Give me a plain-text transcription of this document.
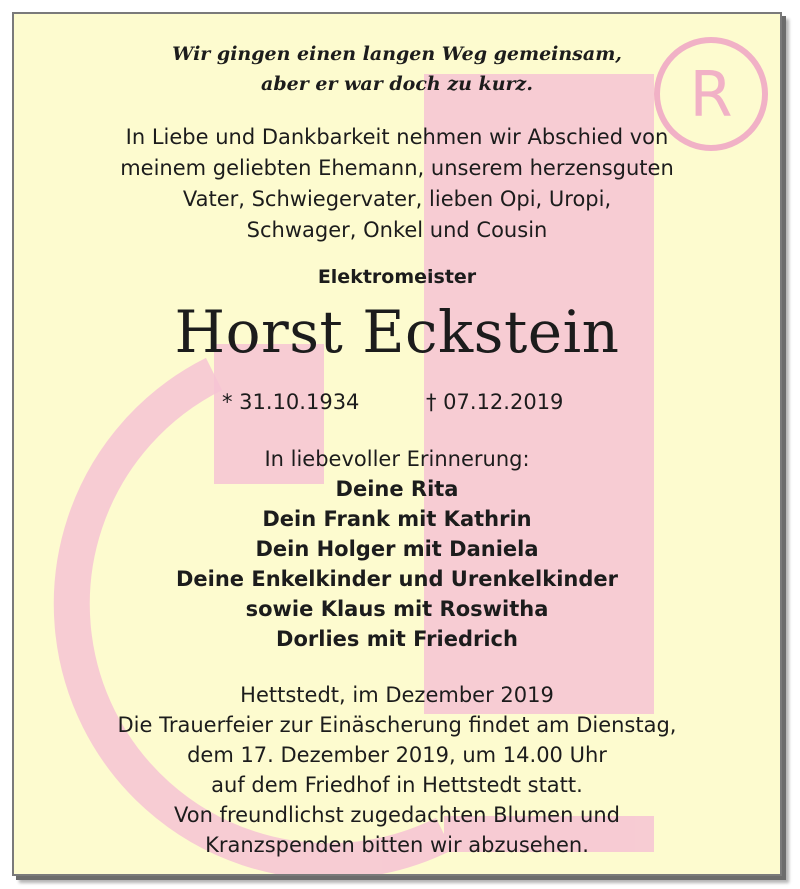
R
Wir gingen einen langen Weg gemeinsam,
aber er war doch zu kurz.
In Liebe und Dankbarkeit nehmen wir Abschied von
meinem geliebten Ehemann, unserem herzensguten
Vater, Schwiegervater, lieben Opi, Uropi,
Schwager, Onkel und Cousin
Elektromeister
Horst Eckstein
* 31.10.1934	† 07.12.2019
In liebevoller Erinnerung:
Deine Rita
Dein Frank mit Kathrin
Dein Holger mit Daniela
Deine Enkelkinder und Urenkelkinder
sowie Klaus mit Roswitha
Dorlies mit Friedrich
Hettstedt, im Dezember 2019
Die Trauerfeier zur Einäscherung findet am Dienstag,
dem 17. Dezember 2019, um 14.00 Uhr
auf dem Friedhof in Hettstedt statt.
Von freundlichst zugedachten Blumen und
Kranzspenden bitten wir abzusehen.
